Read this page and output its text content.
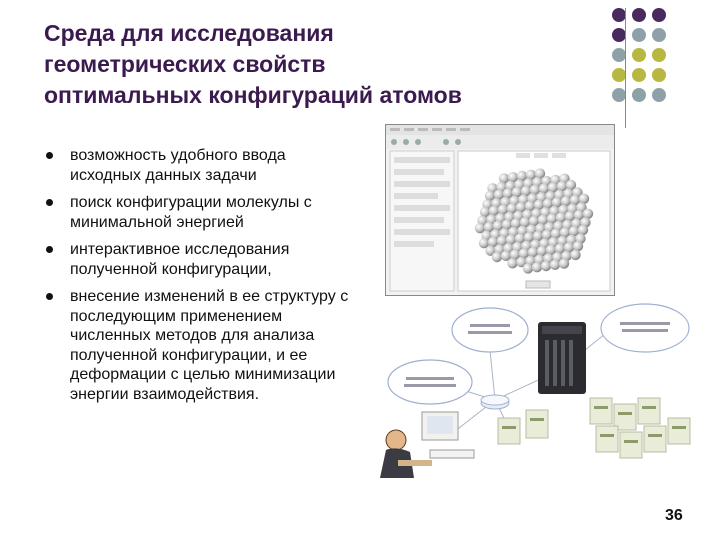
Среда для исследования
геометрических свойств
оптимальных конфигураций атомов
возможность удобного ввода исходных данных задачи
поиск конфигурации молекулы с минимальной энергией
интерактивное исследования полученной конфигурации,
внесение изменений в ее структуру с последующим применением численных методов для анализа полученной конфигурации, и ее деформации с целью минимизации энергии взаимодействия.
36
